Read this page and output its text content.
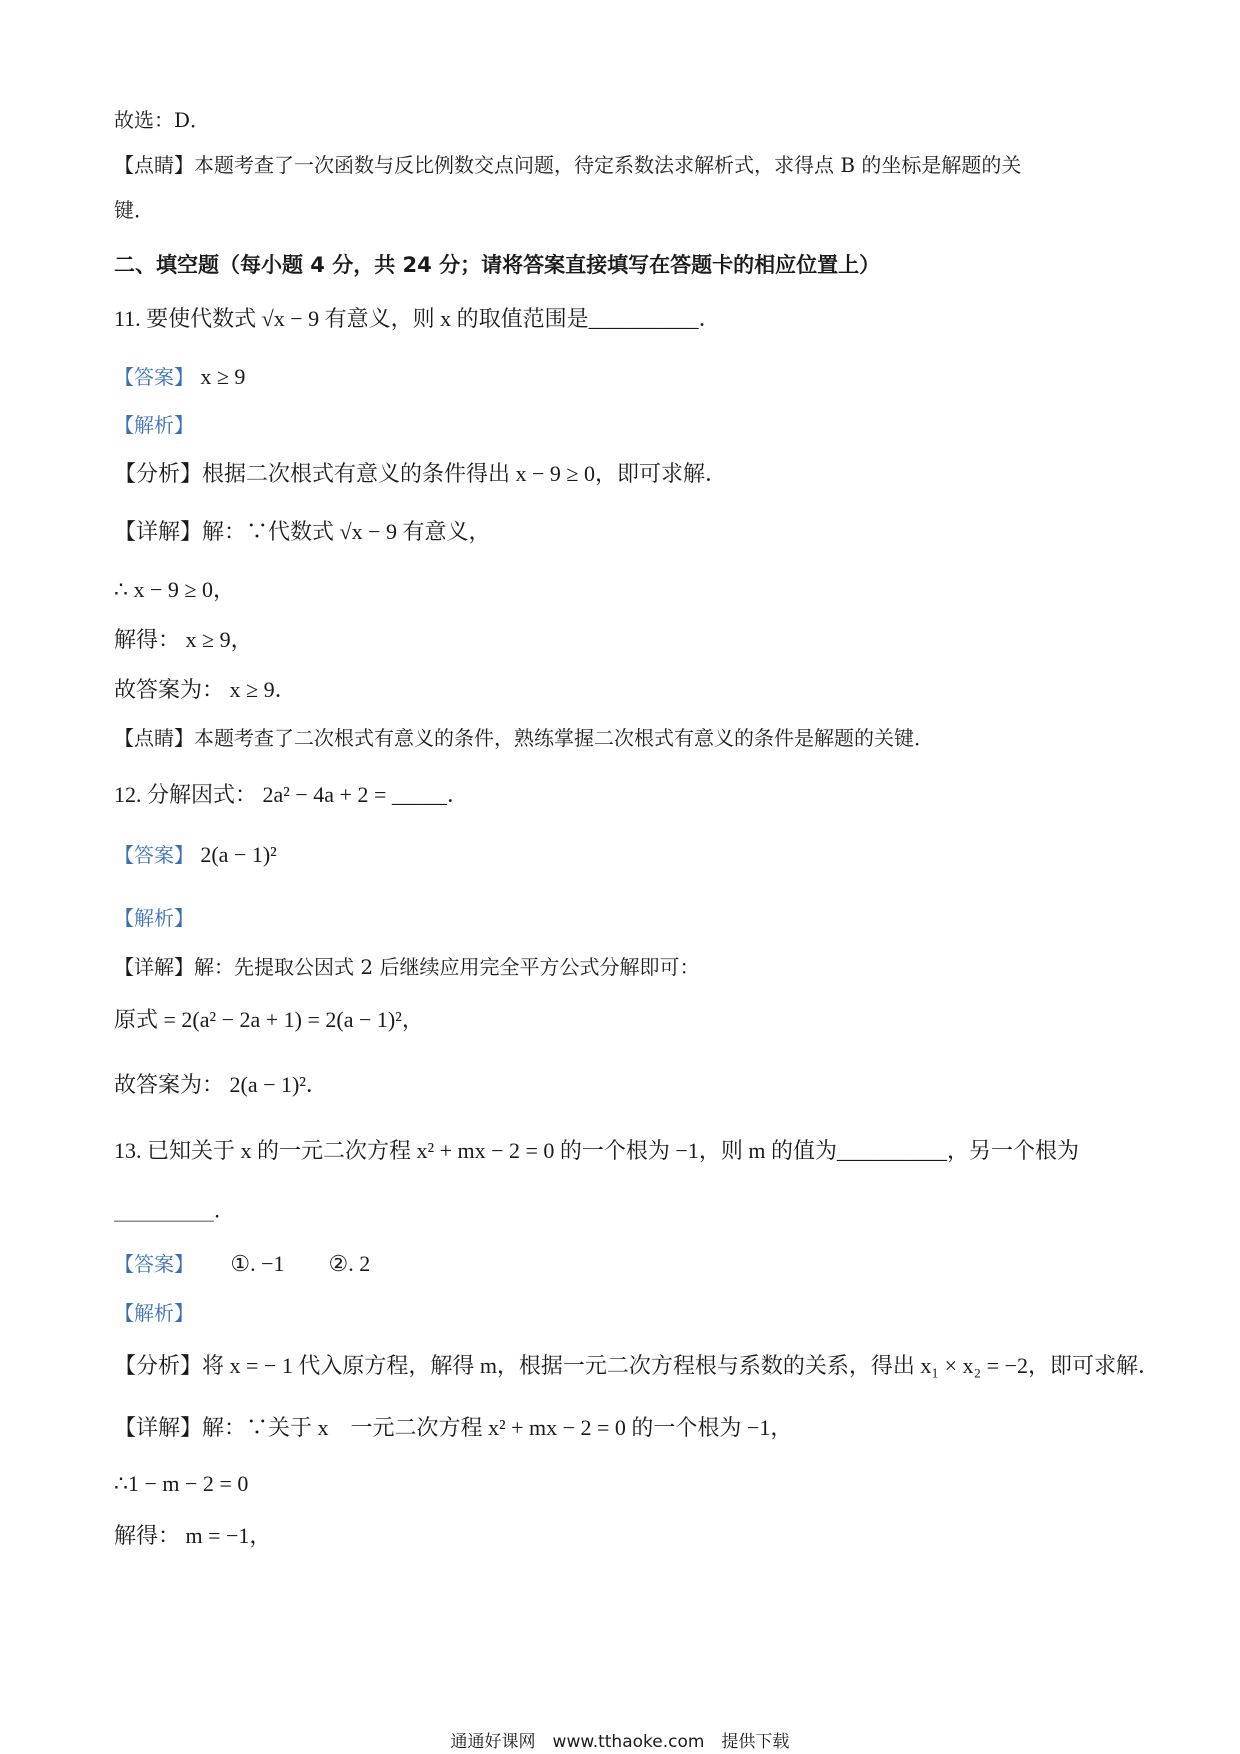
故选：D．
【点睛】本题考查了一次函数与反比例数交点问题，待定系数法求解析式，求得点 B 的坐标是解题的关
键．
二、填空题（每小题 4 分，共 24 分；请将答案直接填写在答题卡的相应位置上）
11. 要使代数式 √x − 9 有意义，则 x 的取值范围是__________．
【答案】 x ≥ 9
【解析】
【分析】根据二次根式有意义的条件得出 x − 9 ≥ 0，即可求解．
【详解】解：∵代数式 √x − 9 有意义，
∴ x − 9 ≥ 0，
解得： x ≥ 9，
故答案为： x ≥ 9．
【点睛】本题考查了二次根式有意义的条件，熟练掌握二次根式有意义的条件是解题的关键．
12. 分解因式： 2a² − 4a + 2 = _____．
【答案】 2(a − 1)²
【解析】
【详解】解：先提取公因式 2 后继续应用完全平方公式分解即可：
原式 = 2(a² − 2a + 1) = 2(a − 1)²，
故答案为： 2(a − 1)²．
13. 已知关于 x 的一元二次方程 x² + mx − 2 = 0 的一个根为 −1，则 m 的值为__________，另一个根为
__________．
【答案】 ①. −1　　②. 2
【解析】
【分析】将 x = − 1 代入原方程，解得 m，根据一元二次方程根与系数的关系，得出 x₁ × x₂ = −2，即可求解．
【详解】解：∵关于 x　一元二次方程 x² + mx − 2 = 0 的一个根为 −1，
∴1 − m − 2 = 0
解得： m = −1，
通通好课网　www.tthaoke.com　提供下载
